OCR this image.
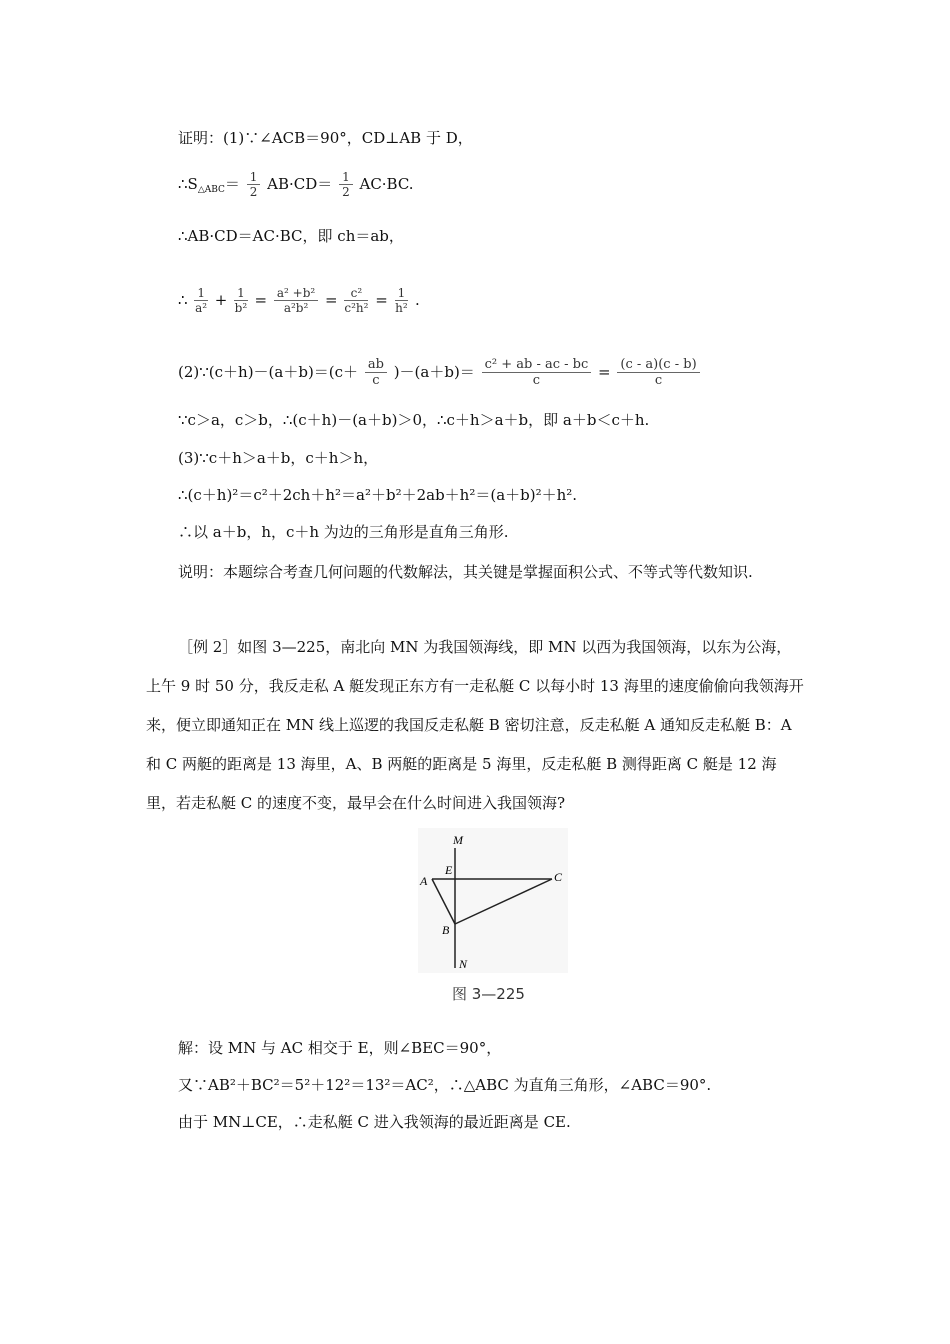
证明：(1)∵∠ACB＝90°，CD⊥AB 于 D，
$\therefore S_{\triangle ABC}= \frac{1}{2} AB\cdot CD= \frac{1}{2} AC\cdot BC$.
∴AB·CD＝AC·BC，即 ch＝ab，
∴ $\frac{1}{\text{a²}} + \frac{1}{\text{b²}} = \frac{\text{a² +b²}}{\text{a²b²}} = \frac{\text{c²}}{\text{c²h²}} = \frac{1}{\text{h²}}$ .
(2)∵(c＋h)－(a＋b)＝(c＋ $\frac{ab}{c} )-(a+b)= \frac{\text{c² + ab - ac - bc}}{c} = \frac{(c - a)(c - b)}{c}$
∵c＞a，c＞b，∴(c＋h)－(a＋b)＞0，∴c＋h＞a＋b，即 a＋b＜c＋h.
(3)∵c＋h＞a＋b，c＋h＞h，
∴(c＋h)²＝c²＋2ch＋h²＝a²＋b²＋2ab＋h²＝(a＋b)²＋h².
∴以 a＋b，h，c＋h 为边的三角形是直角三角形.
说明：本题综合考查几何问题的代数解法，其关键是掌握面积公式、不等式等代数知识.
［例 2］如图 3—225，南北向 MN 为我国领海线，即 MN 以西为我国领海，以东为公海，上午 9 时 50 分，我反走私 A 艇发现正东方有一走私艇 C 以每小时 13 海里的速度偷偷向我领海开来，便立即通知正在 MN 线上巡逻的我国反走私艇 B 密切注意，反走私艇 A 通知反走私艇 B：A 和 C 两艇的距离是 13 海里，A、B 两艇的距离是 5 海里，反走私艇 B 测得距离 C 艇是 12 海里，若走私艇 C 的速度不变，最早会在什么时间进入我国领海?
M
E
A	C
B
N
图 3—225
解：设 MN 与 AC 相交于 E，则∠BEC＝90°，
又∵AB²＋BC²＝5²＋12²＝13²＝AC²，∴△ABC 为直角三角形，∠ABC＝90°.
由于 MN⊥CE，∴走私艇 C 进入我领海的最近距离是 CE.
